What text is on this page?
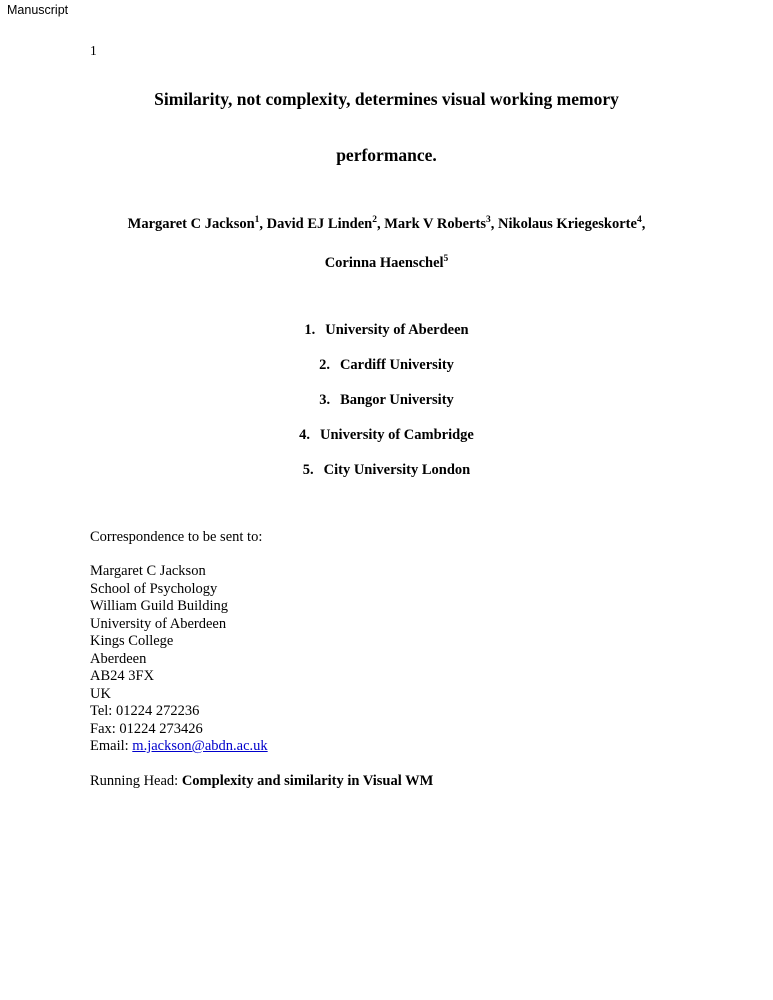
Manuscript
1
Similarity, not complexity, determines visual working memory
performance.
Margaret C Jackson$^1$, David EJ Linden$^2$, Mark V Roberts$^3$, Nikolaus Kriegeskorte$^4$,
Corinna Haenschel$^5$
1. University of Aberdeen
2. Cardiff University
3. Bangor University
4. University of Cambridge
5. City University London
Correspondence to be sent to:
Margaret C Jackson
School of Psychology
William Guild Building
University of Aberdeen
Kings College
Aberdeen
AB24 3FX
UK
Tel: 01224 272236
Fax: 01224 273426
Email: m.jackson@abdn.ac.uk
Running Head: Complexity and similarity in Visual WM
